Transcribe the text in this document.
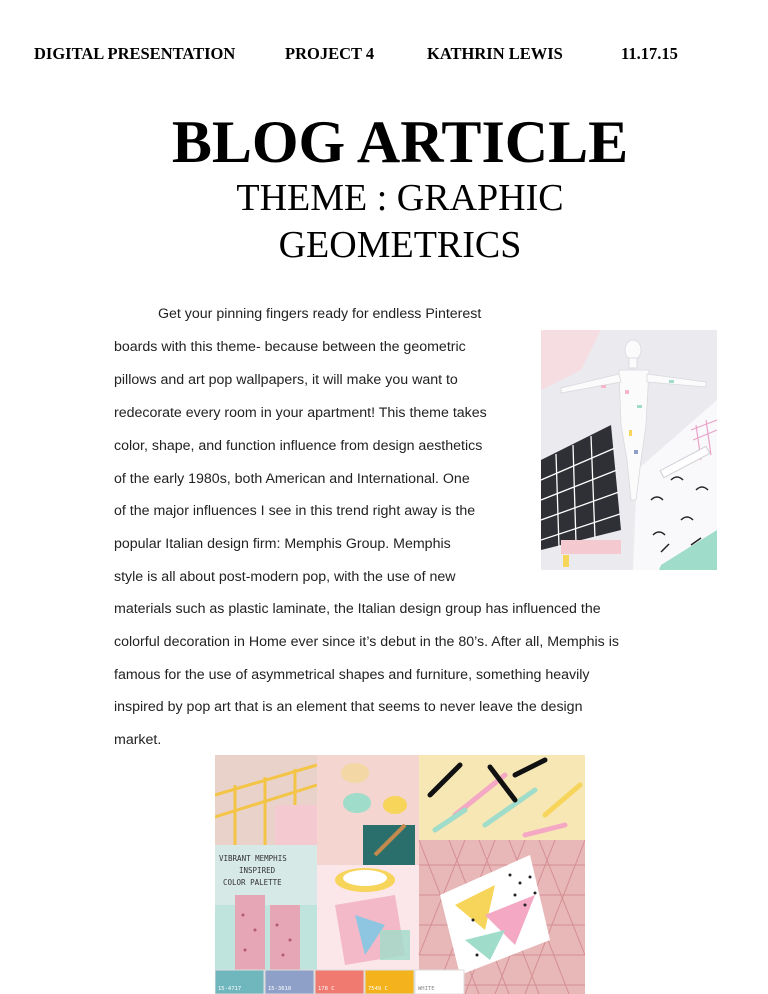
DIGITAL PRESENTATION	PROJECT 4	KATHRIN LEWIS	11.17.15
BLOG ARTICLE
THEME : GRAPHIC
GEOMETRICS
Get your pinning fingers ready for endless Pinterest
boards with this theme- because between the geometric
pillows and art pop wallpapers, it will make you want to
redecorate every room in your apartment! This theme takes
color, shape, and function influence from design aesthetics
of the early 1980s, both American and International. One
of the major influences I see in this trend right away is the
popular Italian design firm: Memphis Group. Memphis
style is all about post-modern pop, with the use of new
materials such as plastic laminate, the Italian design group has influenced the
colorful decoration in Home ever since it’s debut in the 80’s. After all, Memphis is
famous for the use of asymmetrical shapes and furniture, something heavily
inspired by pop art that is an element that seems to never leave the design
market.
VIBRANT MEMPHIS
INSPIRED
COLOR PALETTE
15-4717	15-3618	178 C	7549 C	WHITE
